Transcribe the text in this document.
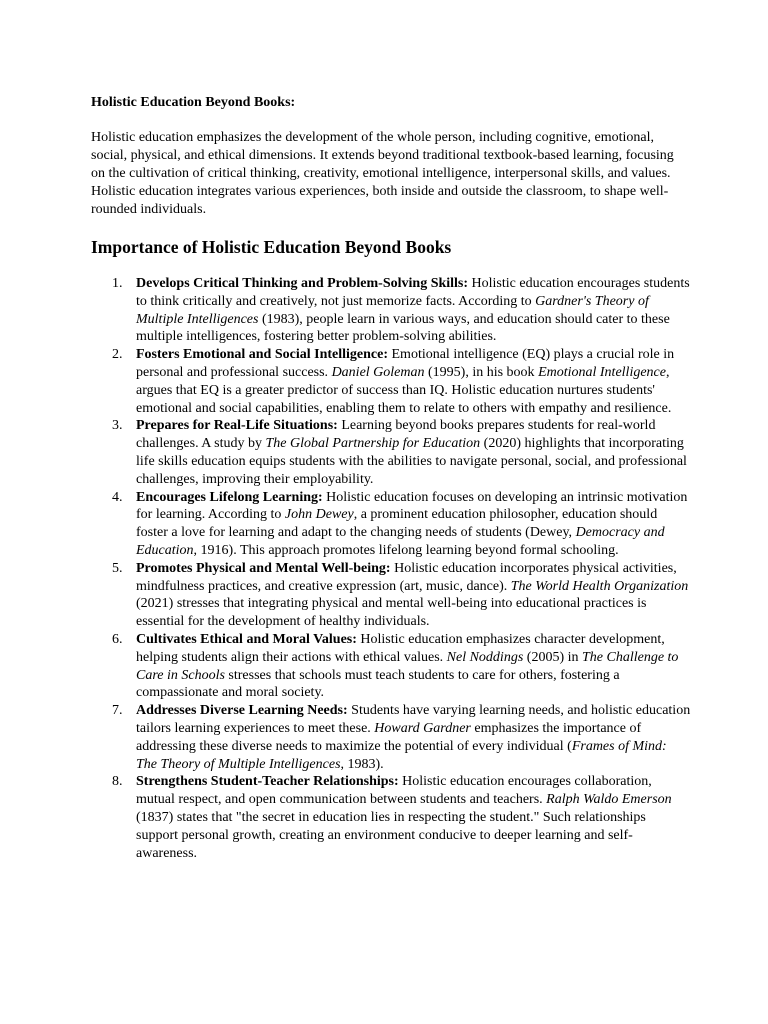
Holistic Education Beyond Books:

Holistic education emphasizes the development of the whole person, including cognitive, emotional, social, physical, and ethical dimensions. It extends beyond traditional textbook-based learning, focusing on the cultivation of critical thinking, creativity, emotional intelligence, interpersonal skills, and values. Holistic education integrates various experiences, both inside and outside the classroom, to shape well-rounded individuals.

Importance of Holistic Education Beyond Books
1. Develops Critical Thinking and Problem-Solving Skills: Holistic education encourages students to think critically and creatively, not just memorize facts. According to Gardner's Theory of Multiple Intelligences (1983), people learn in various ways, and education should cater to these multiple intelligences, fostering better problem-solving abilities.
2. Fosters Emotional and Social Intelligence: Emotional intelligence (EQ) plays a crucial role in personal and professional success. Daniel Goleman (1995), in his book Emotional Intelligence, argues that EQ is a greater predictor of success than IQ. Holistic education nurtures students' emotional and social capabilities, enabling them to relate to others with empathy and resilience.
3. Prepares for Real-Life Situations: Learning beyond books prepares students for real-world challenges. A study by The Global Partnership for Education (2020) highlights that incorporating life skills education equips students with the abilities to navigate personal, social, and professional challenges, improving their employability.
4. Encourages Lifelong Learning: Holistic education focuses on developing an intrinsic motivation for learning. According to John Dewey, a prominent education philosopher, education should foster a love for learning and adapt to the changing needs of students (Dewey, Democracy and Education, 1916). This approach promotes lifelong learning beyond formal schooling.
5. Promotes Physical and Mental Well-being: Holistic education incorporates physical activities, mindfulness practices, and creative expression (art, music, dance). The World Health Organization (2021) stresses that integrating physical and mental well-being into educational practices is essential for the development of healthy individuals.
6. Cultivates Ethical and Moral Values: Holistic education emphasizes character development, helping students align their actions with ethical values. Nel Noddings (2005) in The Challenge to Care in Schools stresses that schools must teach students to care for others, fostering a compassionate and moral society.
7. Addresses Diverse Learning Needs: Students have varying learning needs, and holistic education tailors learning experiences to meet these. Howard Gardner emphasizes the importance of addressing these diverse needs to maximize the potential of every individual (Frames of Mind: The Theory of Multiple Intelligences, 1983).
8. Strengthens Student-Teacher Relationships: Holistic education encourages collaboration, mutual respect, and open communication between students and teachers. Ralph Waldo Emerson (1837) states that "the secret in education lies in respecting the student." Such relationships support personal growth, creating an environment conducive to deeper learning and self-awareness.
